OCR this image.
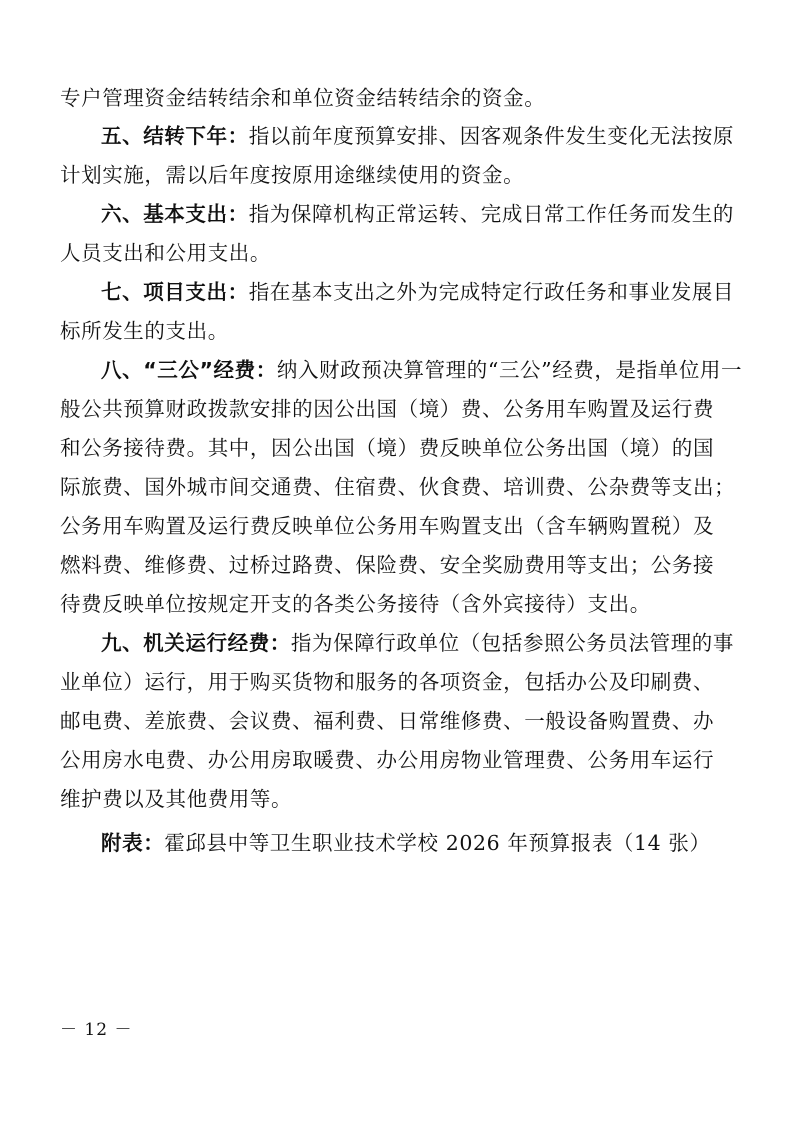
专户管理资金结转结余和单位资金结转结余的资金。
五、结转下年：指以前年度预算安排、因客观条件发生变化无法按原
计划实施，需以后年度按原用途继续使用的资金。
六、基本支出：指为保障机构正常运转、完成日常工作任务而发生的
人员支出和公用支出。
七、项目支出：指在基本支出之外为完成特定行政任务和事业发展目
标所发生的支出。
八、“三公”经费：纳入财政预决算管理的“三公”经费，是指单位用一
般公共预算财政拨款安排的因公出国（境）费、公务用车购置及运行费
和公务接待费。其中，因公出国（境）费反映单位公务出国（境）的国
际旅费、国外城市间交通费、住宿费、伙食费、培训费、公杂费等支出；
公务用车购置及运行费反映单位公务用车购置支出（含车辆购置税）及
燃料费、维修费、过桥过路费、保险费、安全奖励费用等支出；公务接
待费反映单位按规定开支的各类公务接待（含外宾接待）支出。
九、机关运行经费：指为保障行政单位（包括参照公务员法管理的事
业单位）运行，用于购买货物和服务的各项资金，包括办公及印刷费、
邮电费、差旅费、会议费、福利费、日常维修费、一般设备购置费、办
公用房水电费、办公用房取暖费、办公用房物业管理费、公务用车运行
维护费以及其他费用等。
附表：霍邱县中等卫生职业技术学校 2026 年预算报表（14 张）
－ 12 －
